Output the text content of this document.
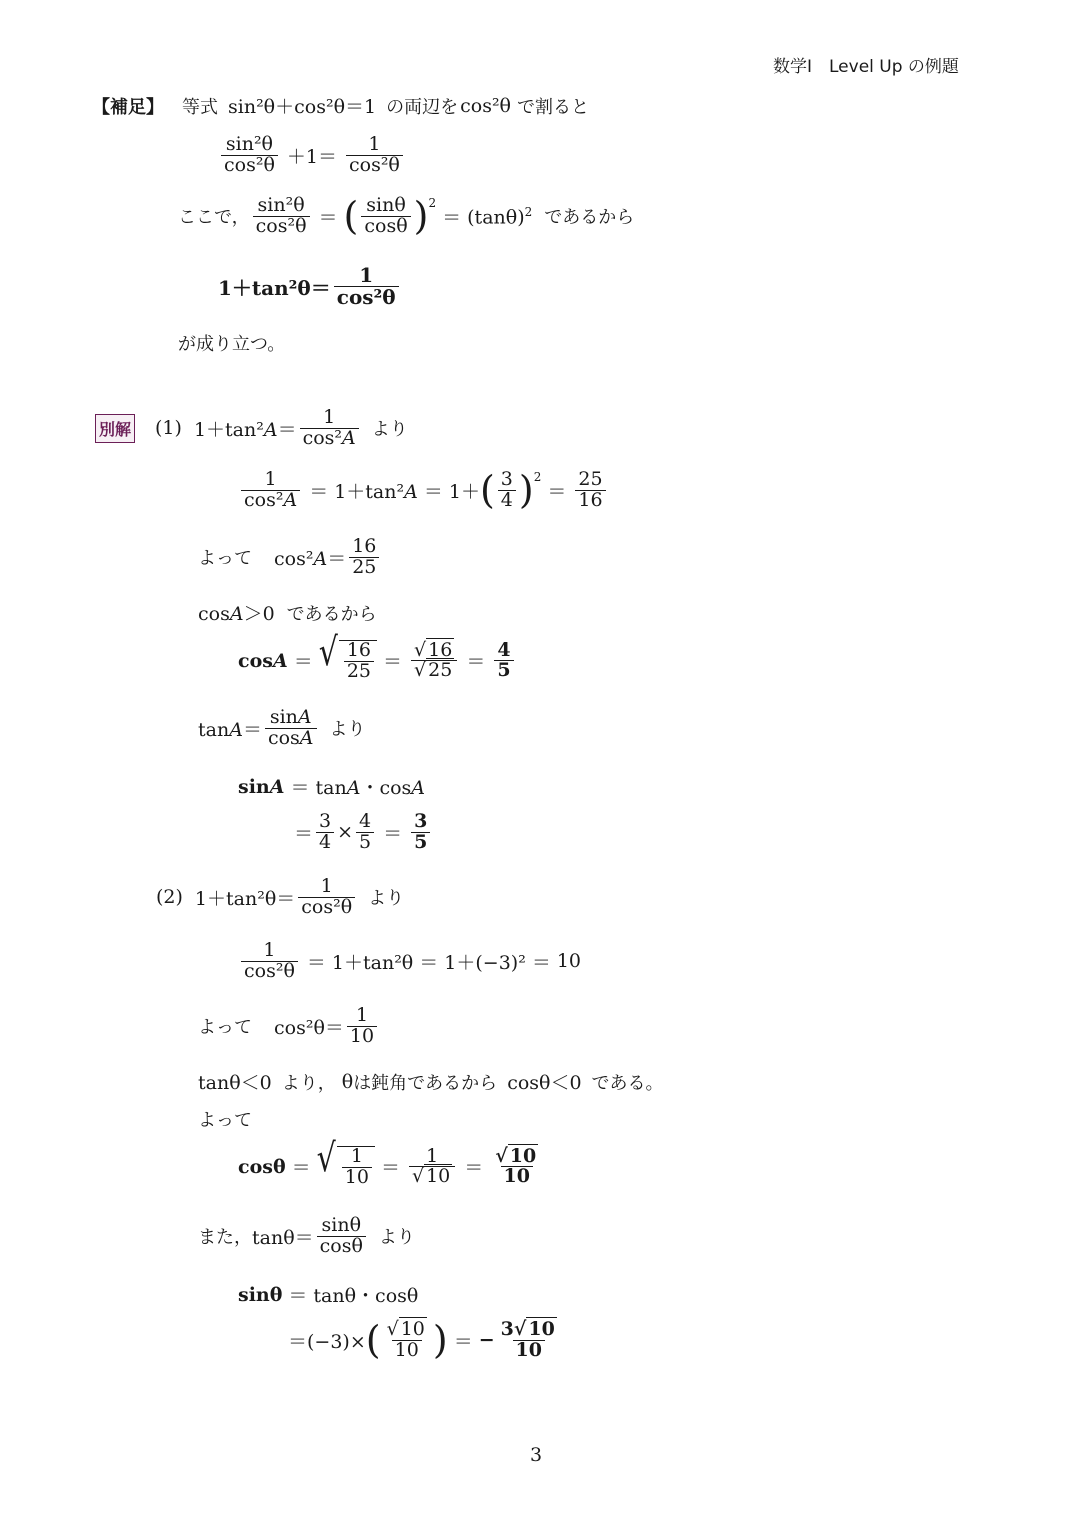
数学Ⅰ　Level Up の例題
【補足】 等式 sin²θ＋cos²θ＝1 の両辺を cos²θ で割ると
$\frac{\text{sin²θ}}{\text{cos²θ}} +1= \frac{1}{\text{cos²θ}}$
ここで， $\frac{\text{sin²θ}}{\text{cos²θ}}$ ＝ ( $\frac{\sin\theta}{\cos\theta}$ ) 2
＝ $(\tan\theta)^2$ であるから
$1+\tan^2\theta= \frac{1}{\text{cos²θ}}$
が成り立つ。
別解 (1) $1+\tan^2A= \frac{1}{\text{cos²A}}$ より
$\frac{1}{\text{cos²A}} = 1+\tan^2A = 1+$ ( $\frac{3}{4}$ ) 2
＝ $\frac{25}{16}$
よって $\cos^2A= \frac{16}{25}$
cosA＞0 であるから
cosA ＝ √ $\frac{16}{25} = \frac{√ 16}{√ 25} = \frac{4}{5}$
$\tan A= \frac{\sin A}{\cos A}$ より
sinA ＝ tanA・cosA
＝ $\frac{3}{4} \times \frac{4}{5} = \frac{3}{5}$
(2) $1+\tan^2\theta= \frac{1}{\text{cos²θ}}$ より
$\frac{1}{\text{cos²θ}} = 1+\tan^2\theta = 1+(-3)^2 = 10$
よって $\cos^2\theta= \frac{1}{10}$
tanθ＜0 より， θ は鈍角であるから cosθ＜0 である。
よって
cosθ ＝ √ $\frac{1}{10} = \frac{1}{√ 10} = \frac{√ 10}{10}$
また， $\tan\theta= \frac{\sin\theta}{\cos\theta}$ より
sinθ ＝ tanθ・cosθ
＝(−3)× ( $\frac{√ 10}{10}$ ) ＝ − $\frac{3√ 10}{10}$
3
